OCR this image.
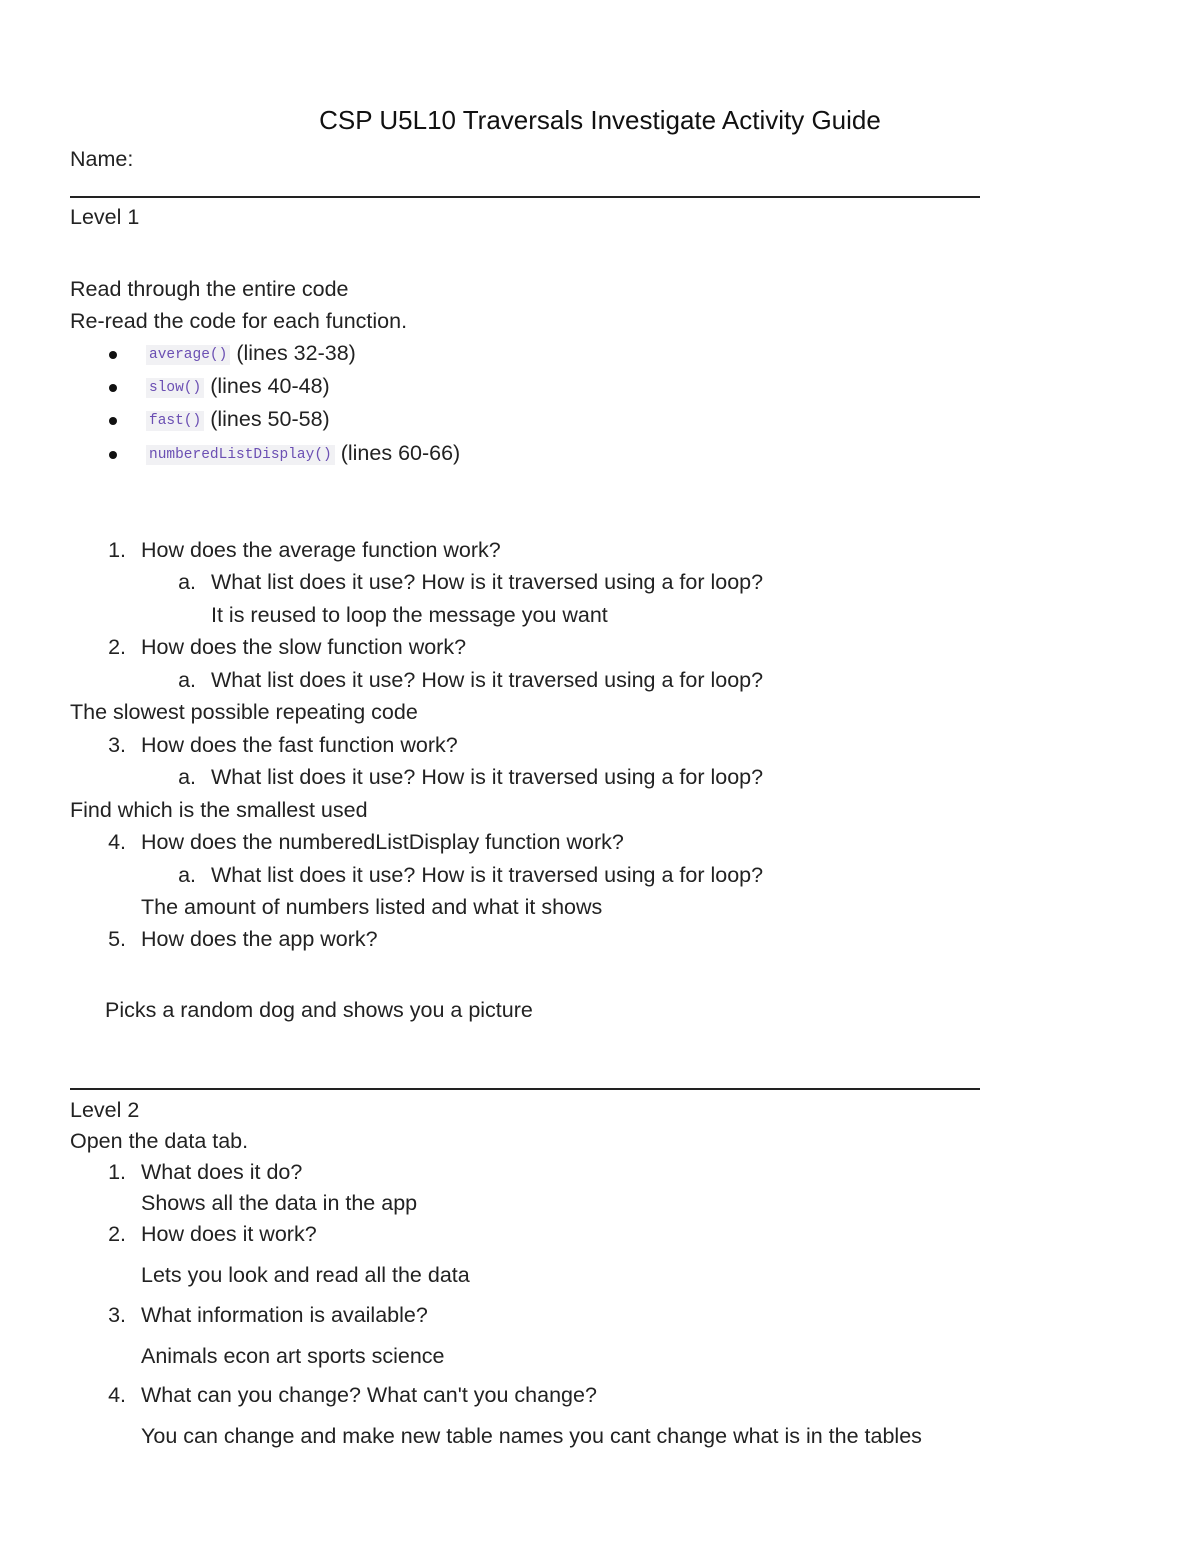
CSP U5L10 Traversals Investigate Activity Guide
Name:
Level 1
Read through the entire code
Re-read the code for each function.
average() (lines 32-38)
slow() (lines 40-48)
fast() (lines 50-58)
numberedListDisplay() (lines 60-66)
1. How does the average function work?
a. What list does it use? How is it traversed using a for loop?
It is reused to loop the message you want
2. How does the slow function work?
a. What list does it use? How is it traversed using a for loop?
The slowest possible repeating code
3. How does the fast function work?
a. What list does it use? How is it traversed using a for loop?
Find which is the smallest used
4. How does the numberedListDisplay function work?
a. What list does it use? How is it traversed using a for loop?
The amount of numbers listed and what it shows
5. How does the app work?
Picks a random dog and shows you a picture
Level 2
Open the data tab.
1. What does it do?
Shows all the data in the app
2. How does it work?
Lets you look and read all the data
3. What information is available?
Animals econ art sports science
4. What can you change? What can't you change?
You can change and make new table names you cant change what is in the tables
